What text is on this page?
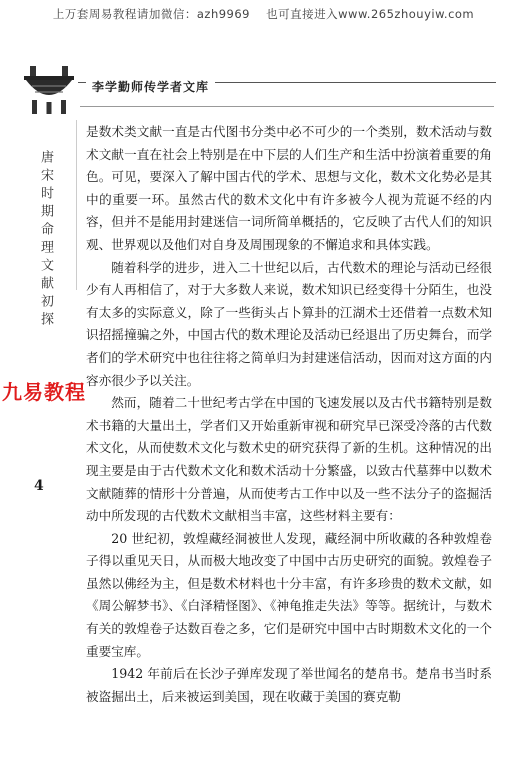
上万套周易教程请加微信：azh9969　 也可直接进入www.265zhouyiw.com
李学勤师传学者文库
唐宋时期命理文献初探
九易教程
4

是数术类文献一直是古代图书分类中必不可少的一个类别，数术活动与数术文献一直在社会上特别是在中下层的人们生产和生活中扮演着重要的角色。可见，要深入了解中国古代的学术、思想与文化，数术文化势必是其中的重要一环。虽然古代的数术文化中有许多被今人视为荒诞不经的内容，但并不是能用封建迷信一词所简单概括的，它反映了古代人们的知识观、世界观以及他们对自身及周围现象的不懈追求和具体实践。

随着科学的进步，进入二十世纪以后，古代数术的理论与活动已经很少有人再相信了，对于大多数人来说，数术知识已经变得十分陌生，也没有太多的实际意义，除了一些街头占卜算卦的江湖术士还借着一点数术知识招摇撞骗之外，中国古代的数术理论及活动已经退出了历史舞台，而学者们的学术研究中也往往将之简单归为封建迷信活动，因而对这方面的内容亦很少予以关注。

然而，随着二十世纪考古学在中国的飞速发展以及古代书籍特别是数术书籍的大量出土，学者们又开始重新审视和研究早已深受冷落的古代数术文化，从而使数术文化与数术史的研究获得了新的生机。这种情况的出现主要是由于古代数术文化和数术活动十分繁盛，以致古代墓葬中以数术文献随葬的情形十分普遍，从而使考古工作中以及一些不法分子的盗掘活动中所发现的古代数术文献相当丰富，这些材料主要有：

20 世纪初，敦煌藏经洞被世人发现，藏经洞中所收藏的各种敦煌卷子得以重见天日，从而极大地改变了中国中古历史研究的面貌。敦煌卷子虽然以佛经为主，但是数术材料也十分丰富，有许多珍贵的数术文献，如《周公解梦书》、《白泽精怪图》、《神龟推走失法》等等。据统计，与数术有关的敦煌卷子达数百卷之多，它们是研究中国中古时期数术文化的一个重要宝库。

1942 年前后在长沙子弹库发现了举世闻名的楚帛书。楚帛书当时系被盗掘出土，后来被运到美国，现在收藏于美国的赛克勒
